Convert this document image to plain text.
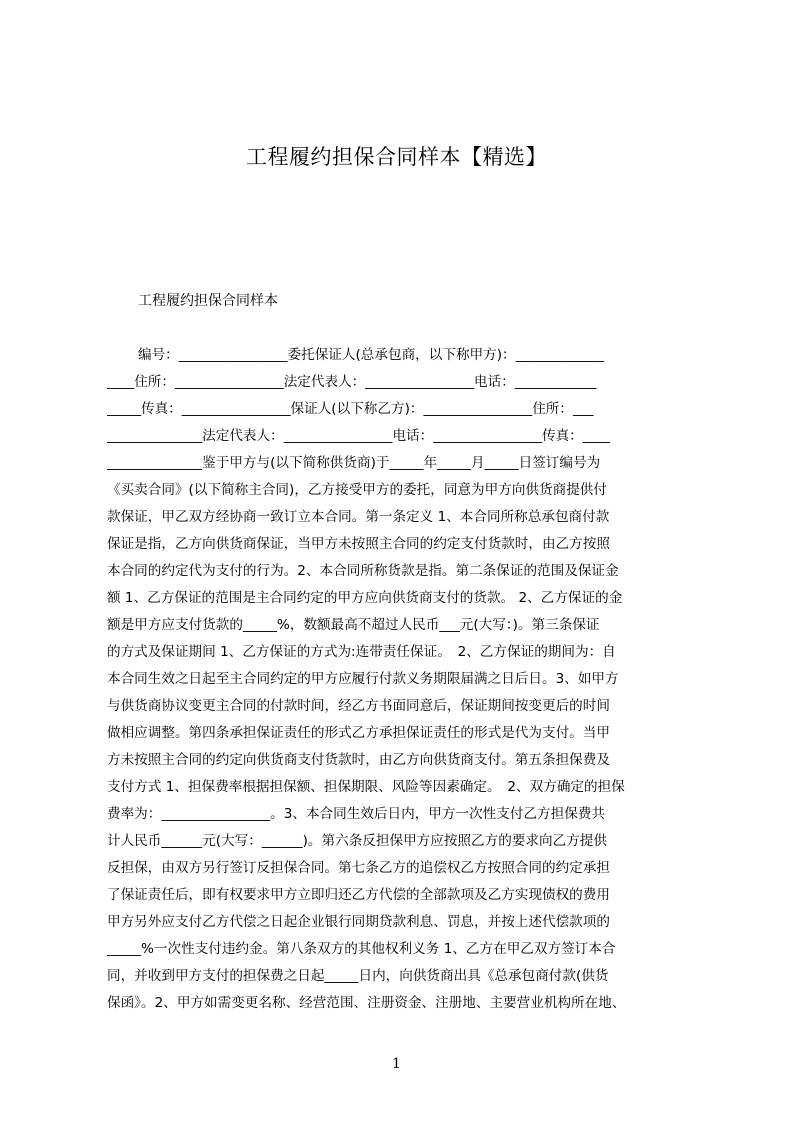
工程履约担保合同样本【精选】
工程履约担保合同样本
编号：________________委托保证人(总承包商，以下称甲方)：_____________
____住所：________________法定代表人：________________电话：____________
_____传真：________________保证人(以下称乙方)：________________住所：___
______________法定代表人：________________电话：________________传真：____
______________鉴于甲方与(以下简称供货商)于_____年_____月_____日签订编号为
《买卖合同》(以下简称主合同)，乙方接受甲方的委托，同意为甲方向供货商提供付
款保证，甲乙双方经协商一致订立本合同。第一条定义 1、本合同所称总承包商付款
保证是指，乙方向供货商保证，当甲方未按照主合同的约定支付货款时，由乙方按照
本合同的约定代为支付的行为。2、本合同所称货款是指。第二条保证的范围及保证金
额 1、乙方保证的范围是主合同约定的甲方应向供货商支付的货款。 2、乙方保证的金
额是甲方应支付货款的_____%，数额最高不超过人民币___元(大写：)。第三条保证
的方式及保证期间 1、乙方保证的方式为:连带责任保证。　2、乙方保证的期间为：自
本合同生效之日起至主合同约定的甲方应履行付款义务期限届满之日后日。3、如甲方
与供货商协议变更主合同的付款时间，经乙方书面同意后，保证期间按变更后的时间
做相应调整。第四条承担保证责任的形式乙方承担保证责任的形式是代为支付。当甲
方未按照主合同的约定向供货商支付货款时，由乙方向供货商支付。第五条担保费及
支付方式 1、担保费率根据担保额、担保期限、风险等因素确定。　2、双方确定的担保
费率为：________________。3、本合同生效后日内，甲方一次性支付乙方担保费共
计人民币______元(大写：______)。第六条反担保甲方应按照乙方的要求向乙方提供
反担保，由双方另行签订反担保合同。第七条乙方的追偿权乙方按照合同的约定承担
了保证责任后，即有权要求甲方立即归还乙方代偿的全部款项及乙方实现债权的费用
甲方另外应支付乙方代偿之日起企业银行同期贷款利息、罚息，并按上述代偿款项的
_____%一次性支付违约金。第八条双方的其他权利义务 1、乙方在甲乙双方签订本合
同，并收到甲方支付的担保费之日起_____日内，向供货商出具《总承包商付款(供货
保函》。2、甲方如需变更名称、经营范围、注册资金、注册地、主要营业机构所在地、
1
